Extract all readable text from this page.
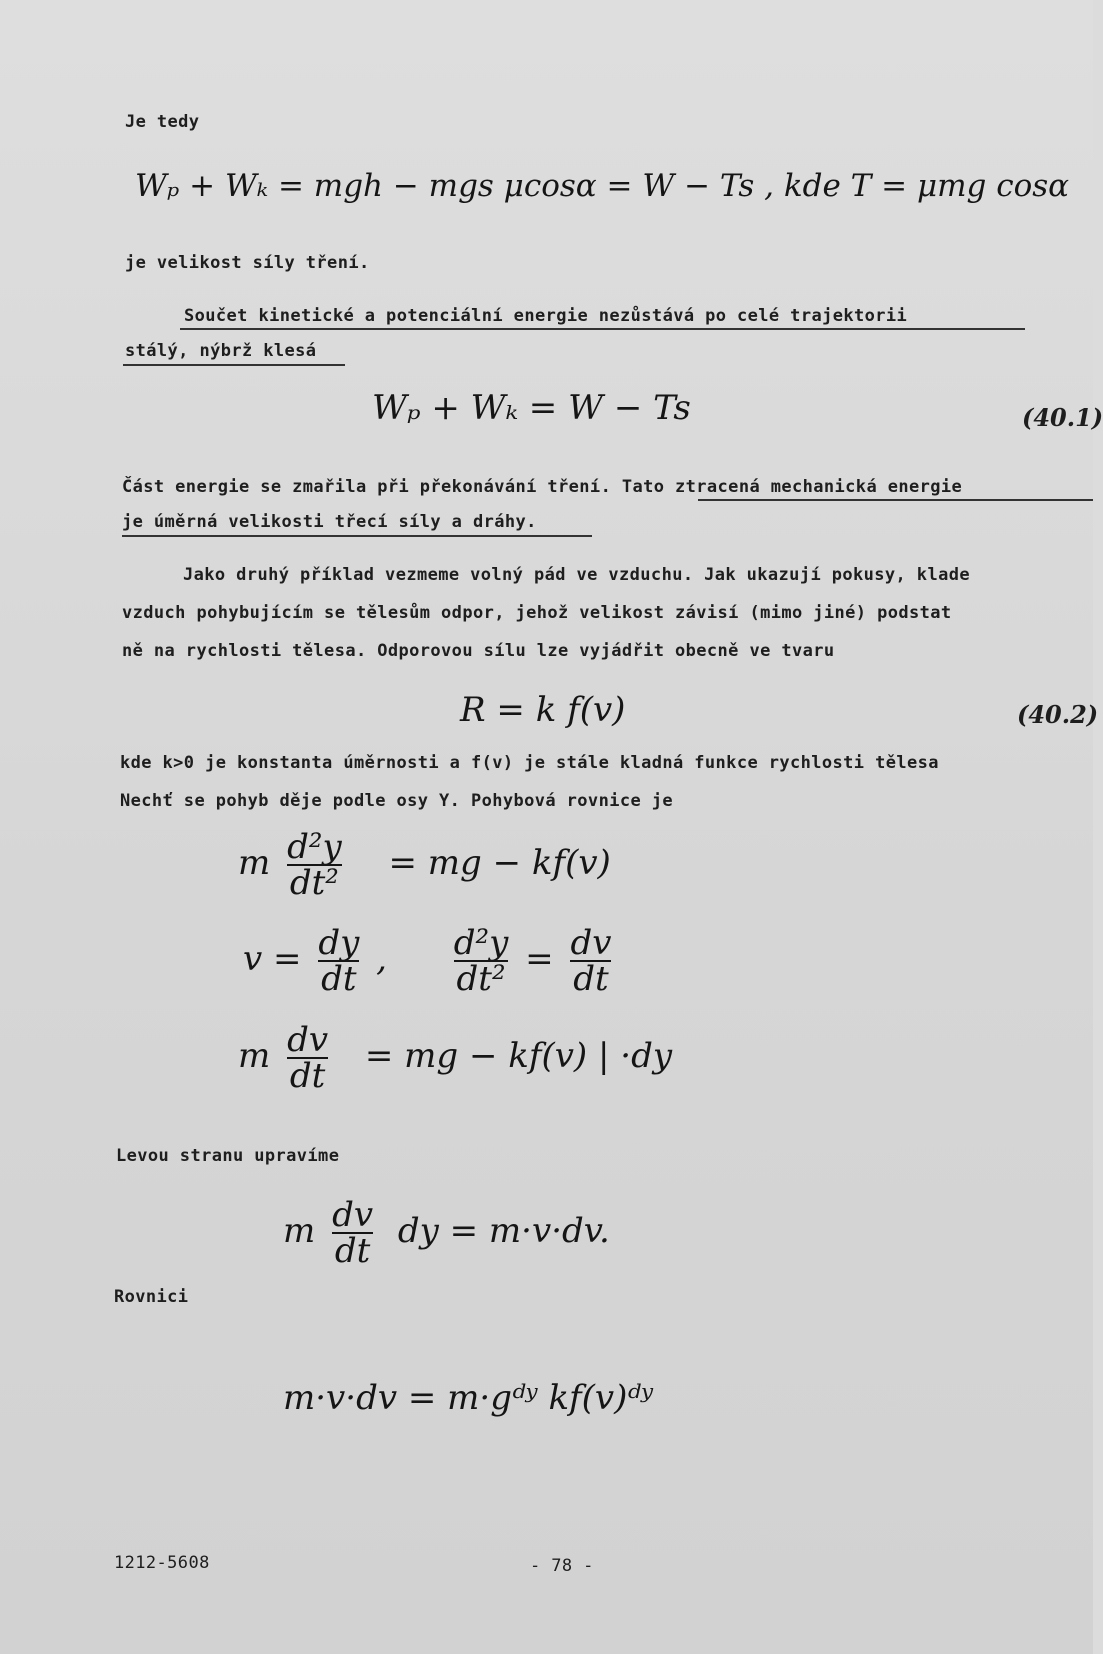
Je tedy
Wₚ + Wₖ = mgh − mgs μcosα = W − Ts , kde T = μmg cosα
je velikost síly tření.
Součet kinetické a potenciální energie nezůstává po celé trajektorii
stálý, nýbrž klesá
Wₚ + Wₖ = W − Ts	(40.1)
Část energie se zmařila při překonávání tření. Tato ztracená mechanická energie
je úměrná velikosti třecí síly a dráhy.
Jako druhý příklad vezmeme volný pád ve vzduchu. Jak ukazují pokusy, klade
vzduch pohybujícím se tělesům odpor, jehož velikost závisí (mimo jiné) podstat
ně na rychlosti tělesa. Odporovou sílu lze vyjádřit obecně ve tvaru
R = k f(v)	(40.2)
kde k>0 je konstanta úměrnosti a f(v) je stále kladná funkce rychlosti tělesa
Nechť se pohyb děje podle osy Y. Pohybová rovnice je
m $\frac{\text{d²y}}{\text{dt²}}$ = mg − kf(v)
$v = \frac{dy}{dt}$ , $\frac{\text{d²y}}{\text{dt²}} = \frac{dv}{dt}$
m $\frac{dv}{dt}$ = mg − kf(v) | ·dy
Levou stranu upravíme
m $\frac{dv}{dt}$ dy = m·v·dv.
Rovnici
m·v·dv = m·gᵈʸ kf(v)ᵈʸ
1212-5608	- 78 -
